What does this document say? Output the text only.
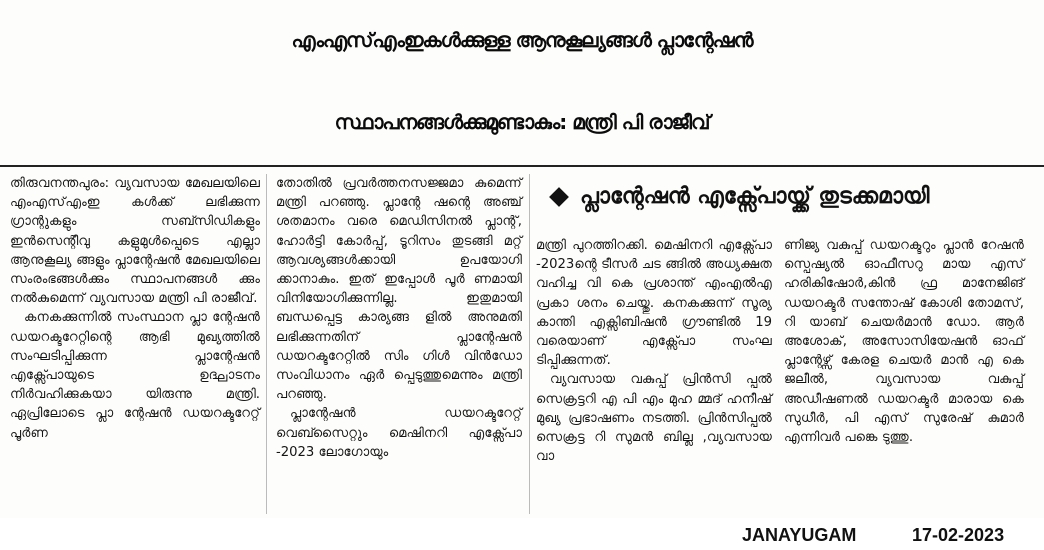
എംഎസ്എംഇകൾക്കുള്ള ആനുകൂല്യങ്ങൾ പ്ലാന്റേഷൻ
സ്ഥാപനങ്ങൾക്കുമുണ്ടാകും: മന്ത്രി പി രാജീവ്

തിരുവനന്തപുരം: വ്യവസായ മേഖലയിലെ എംഎസ്എംഇ കൾക്ക് ലഭിക്കുന്ന ഗ്രാന്റുകളും സബ്സിഡികളും ഇൻസെന്റീവു കളുമുൾപ്പെടെ എല്ലാ ആനുകൂല്യ ങ്ങളും പ്ലാന്റേഷൻ മേഖലയിലെ സംരംഭങ്ങൾക്കും സ്ഥാപനങ്ങൾ ക്കും നൽകുമെന്ന് വ്യവസായ മന്ത്രി പി രാജീവ്.

കനകക്കുന്നിൽ സംസ്ഥാന പ്ലാ ന്റേഷൻ ഡയറക്ടറേറ്റിന്റെ ആഭി മുഖ്യത്തിൽ സംഘടിപ്പിക്കുന്ന പ്ലാന്റേഷൻ എക്സ്പോയുടെ ഉദ്ഘാടനം നിർവഹിക്കുകയാ യിരുന്നു മന്ത്രി. ഏപ്രിലോടെ പ്ലാ ന്റേഷൻ ഡയറക്ടറേറ്റ് പൂർണ

തോതിൽ പ്രവർത്തനസജ്ജമാ കുമെന്ന് മന്ത്രി പറഞ്ഞു. പ്ലാന്റേ ഷന്റെ അഞ്ച് ശതമാനം വരെ മെഡിസിനൽ പ്ലാന്റ്, ഹോർട്ടി കോർപ്പ്, ടൂറിസം തുടങ്ങി മറ്റ് ആവശ്യങ്ങൾക്കായി ഉപയോഗി ക്കാനാകും. ഇത് ഇപ്പോൾ പൂർ ണമായി വിനിയോഗിക്കുന്നില്ല. ഇതുമായി ബന്ധപ്പെട്ട കാര്യങ്ങ ളിൽ അനുമതി ലഭിക്കുന്നതിന് പ്ലാന്റേഷൻ ഡയറക്ടറേറ്റിൽ സിം ഗിൾ വിൻഡോ സംവിധാനം ഏർ പ്പെടുത്തുമെന്നും മന്ത്രി പറഞ്ഞു.

പ്ലാന്റേഷൻ ഡയറക്ടറേറ്റ് വെബ്സൈറ്റും മെഷിനറി എക്സ്പോ -2023 ലോഗോയും

പ്ലാന്റേഷൻ എക്സ്പോയ്ക്ക് തുടക്കമായി

മന്ത്രി പുറത്തിറക്കി. മെഷിനറി എക്സ്പോ -2023ന്റെ ടീസർ ചട ങ്ങിൽ അധ്യക്ഷത വഹിച്ച വി കെ പ്രശാന്ത് എംഎൽഎ പ്രകാ ശനം ചെയ്തു. കനകക്കുന്ന് സൂര്യ കാന്തി എക്സിബിഷൻ ഗ്രൗണ്ടിൽ 19 വരെയാണ് എക്സ്പോ സംഘ ടിപ്പിക്കുന്നത്.

വ്യവസായ വകുപ്പ് പ്രിൻസി പ്പൽ സെക്രട്ടറി എ പി എം മുഹ മ്മദ് ഹനീഷ് മുഖ്യ പ്രഭാഷണം നടത്തി. പ്രിൻസിപ്പൽ സെക്രട്ട റി സുമൻ ബില്ല ,വ്യവസായ വാ

ണിജ്യ വകുപ്പ് ഡയറക്ടറും പ്ലാൻ റേഷൻ സ്പെഷ്യൽ ഓഫീസറു മായ എസ് ഹരികിഷോർ,കിൻ ഫ്ര മാനേജിങ് ഡയറക്ടർ സന്തോഷ് കോശി തോമസ്, റി യാബ് ചെയർമാൻ ഡോ. ആർ അശോക്, അസോസിയേഷൻ ഓഫ് പ്ലാന്റേഴ്സ് കേരള ചെയർ മാൻ എ കെ ജലീൽ, വ്യവസായ വകുപ്പ് അഡീഷണൽ ഡയറക്ടർ മാരായ കെ സുധീർ, പി എസ് സുരേഷ് കുമാർ എന്നിവർ പങ്കെ ടുത്തു.

JANAYUGAM	17-02-2023
